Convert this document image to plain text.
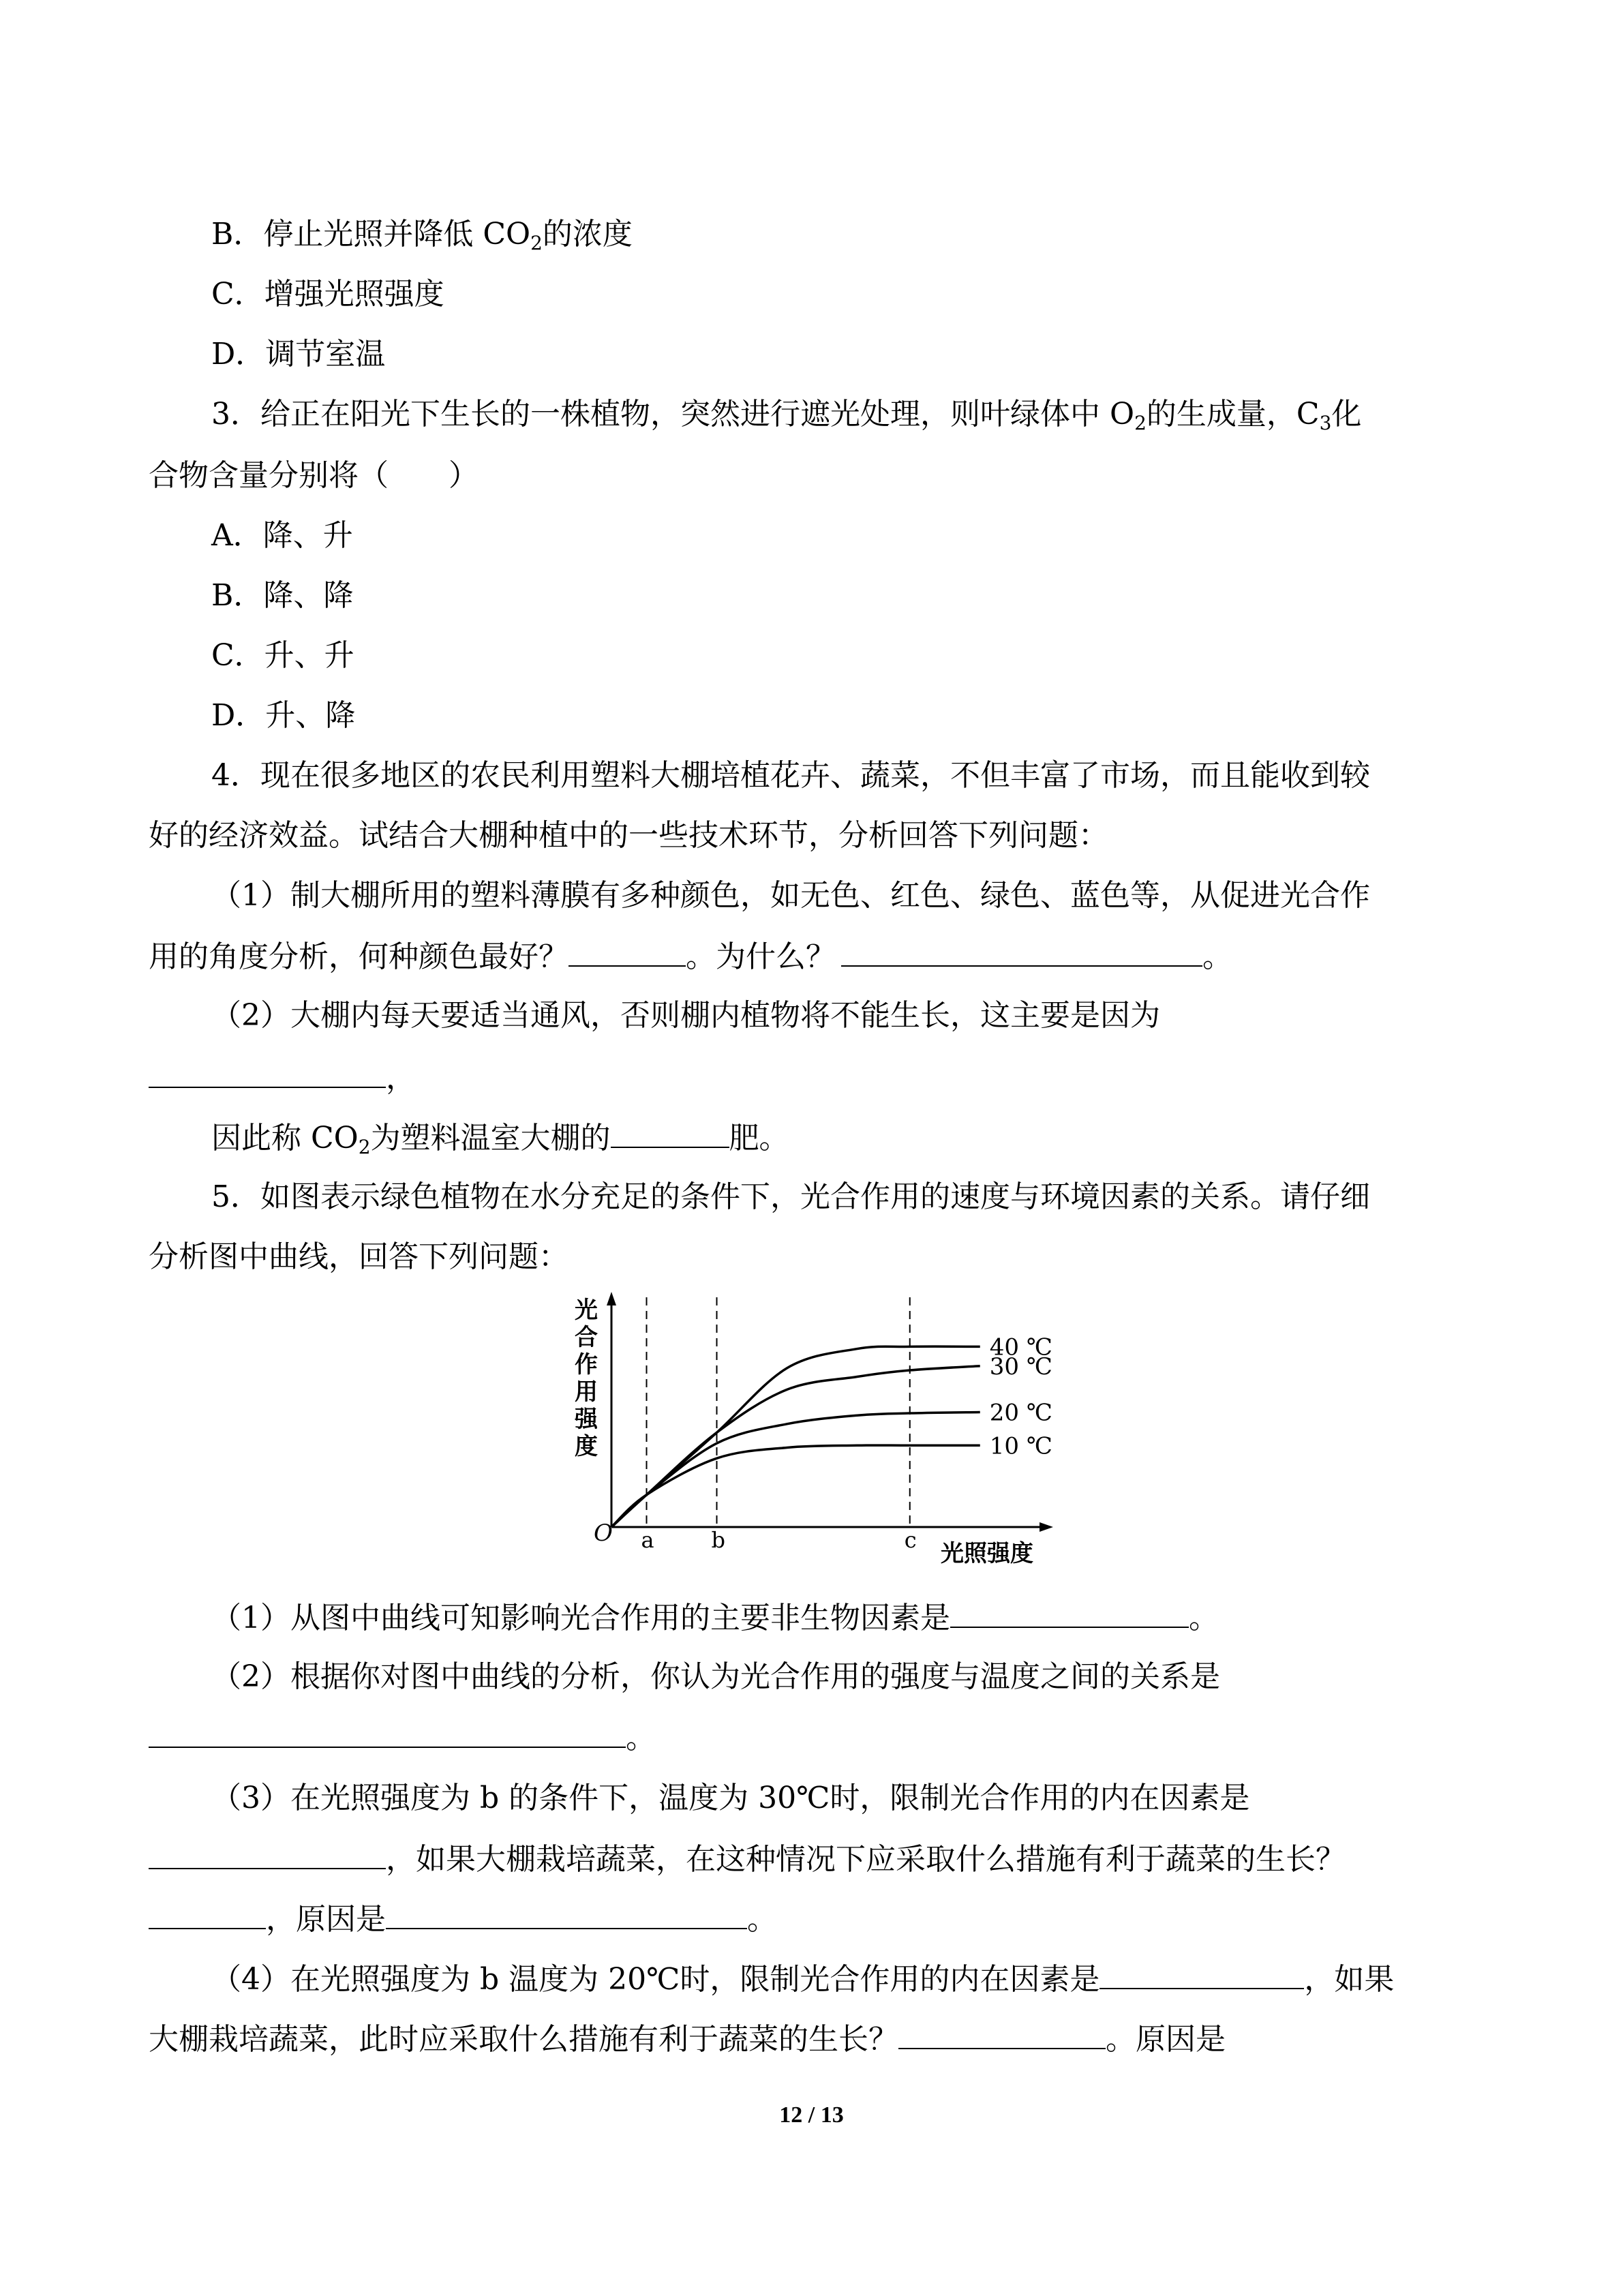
B．停止光照并降低 $CO_2$的浓度
C．增强光照强度
D．调节室温
3．给正在阳光下生长的一株植物，突然进行遮光处理，则叶绿体中 $O_2$的生成量，$C_3$化
合物含量分别将（　　）
A．降、升
B．降、降
C．升、升
D．升、降
4．现在很多地区的农民利用塑料大棚培植花卉、蔬菜，不但丰富了市场，而且能收到较
好的经济效益。试结合大棚种植中的一些技术环节，分析回答下列问题：
（1）制大棚所用的塑料薄膜有多种颜色，如无色、红色、绿色、蓝色等，从促进光合作
用的角度分析，何种颜色最好？	。为什么？	。
（2）大棚内每天要适当通风，否则棚内植物将不能生长，这主要是因为
，
因此称 $CO_2$为塑料温室大棚的	肥。
5．如图表示绿色植物在水分充足的条件下，光合作用的速度与环境因素的关系。请仔细
分析图中曲线，回答下列问题：
O
光
合
作
用
强
度
a	b	c 光照强度
40 ℃
30 ℃
20 ℃
10 ℃
（1）从图中曲线可知影响光合作用的主要非生物因素是	。
（2）根据你对图中曲线的分析，你认为光合作用的强度与温度之间的关系是
。
（3）在光照强度为 b 的条件下，温度为 30℃时，限制光合作用的内在因素是
，如果大棚栽培蔬菜，在这种情况下应采取什么措施有利于蔬菜的生长？
，原因是	。
（4）在光照强度为 b 温度为 20℃时，限制光合作用的内在因素是	，如果
大棚栽培蔬菜，此时应采取什么措施有利于蔬菜的生长？	。原因是
12 / 13
